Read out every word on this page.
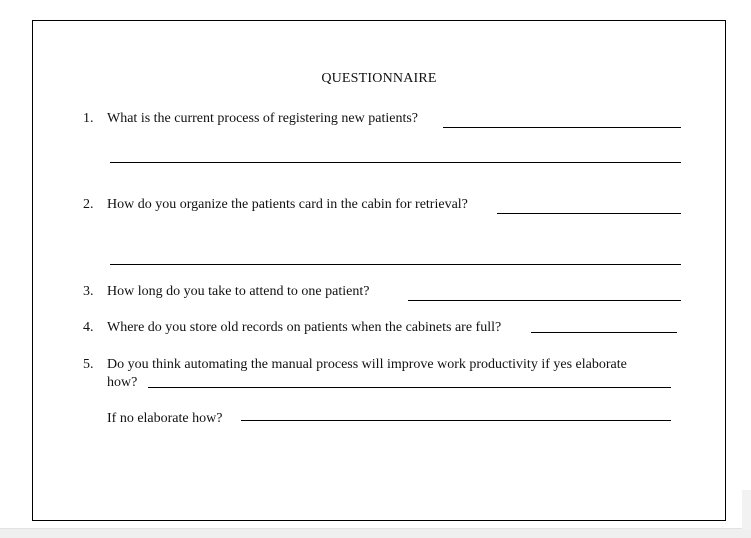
QUESTIONNAIRE
1. What is the current process of registering new patients?
2. How do you organize the patients card in the cabin for retrieval?
3. How long do you take to attend to one patient?
4. Where do you store old records on patients when the cabinets are full?
5. Do you think automating the manual process will improve work productivity if yes elaborate
how?
If no elaborate how?
